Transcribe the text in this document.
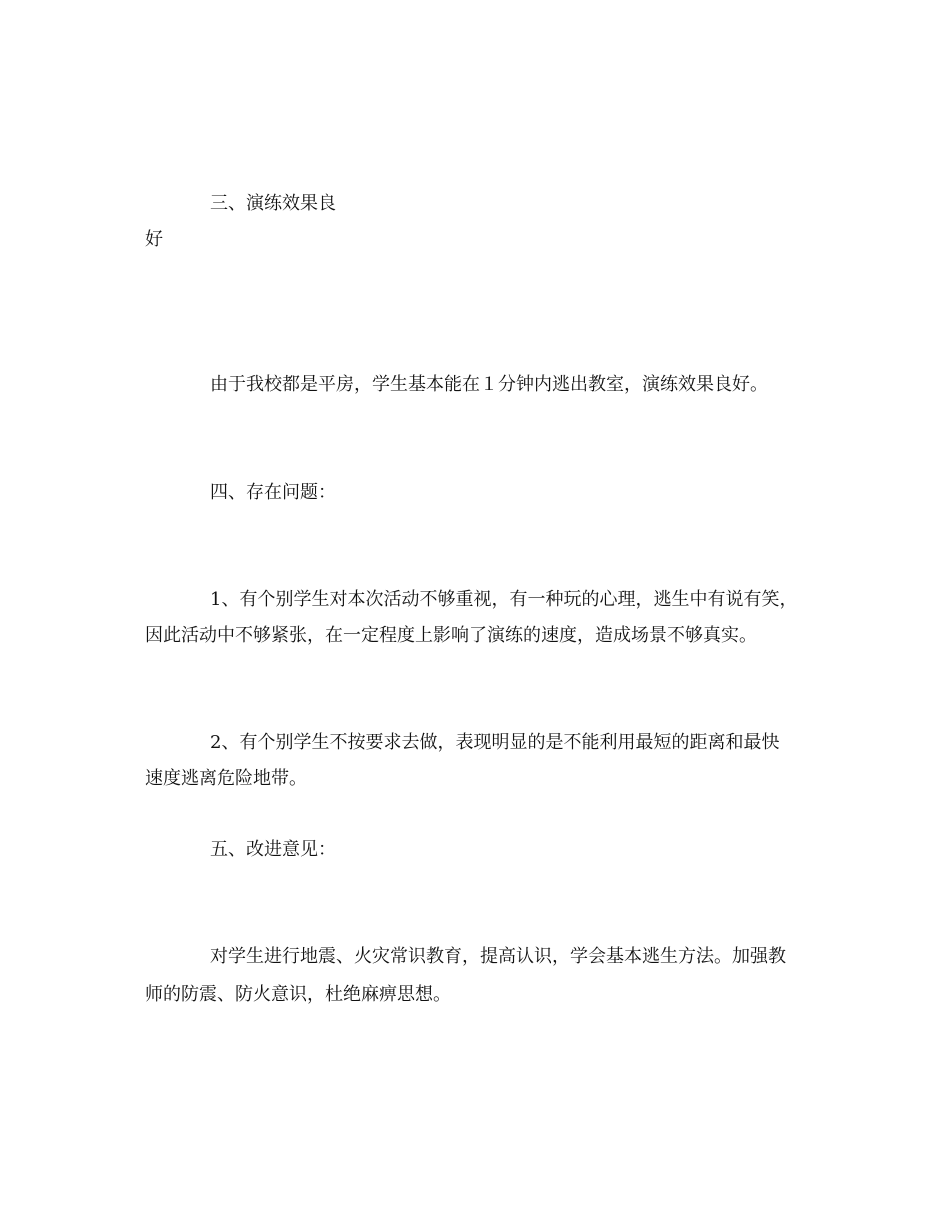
三、演练效果良
好
由于我校都是平房，学生基本能在１分钟内逃出教室，演练效果良好。
四、存在问题：
1、有个别学生对本次活动不够重视，有一种玩的心理，逃生中有说有笑，
因此活动中不够紧张，在一定程度上影响了演练的速度，造成场景不够真实。
2、有个别学生不按要求去做，表现明显的是不能利用最短的距离和最快
速度逃离危险地带。
五、改进意见：
对学生进行地震、火灾常识教育，提高认识，学会基本逃生方法。加强教
师的防震、防火意识，杜绝麻痹思想。
